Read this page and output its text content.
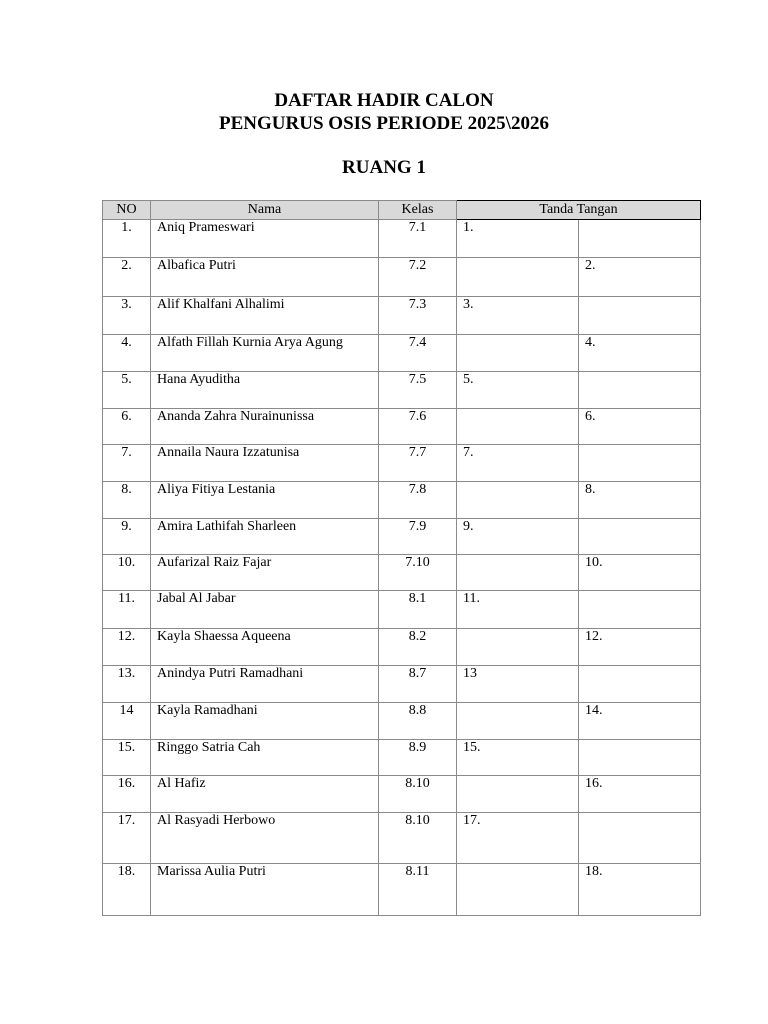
DAFTAR HADIR CALON
PENGURUS OSIS PERIODE 2025\2026
RUANG 1
NO	Nama	Kelas	Tanda Tangan	
1.	Aniq Prameswari	7.1	1.	
2.	Albafica Putri	7.2		2.
3.	Alif Khalfani Alhalimi	7.3	3.	
4.	Alfath Fillah Kurnia Arya Agung	7.4		4.
5.	Hana Ayuditha	7.5	5.	
6.	Ananda Zahra Nurainunissa	7.6		6.
7.	Annaila Naura Izzatunisa	7.7	7.	
8.	Aliya Fitiya Lestania	7.8		8.
9.	Amira Lathifah Sharleen	7.9	9.	
10.	Aufarizal Raiz Fajar	7.10		10.
11.	Jabal Al Jabar	8.1	11.	
12.	Kayla Shaessa Aqueena	8.2		12.
13.	Anindya Putri Ramadhani	8.7	13	
14	Kayla Ramadhani	8.8		14.
15.	Ringgo Satria Cah	8.9	15.	
16.	Al Hafiz	8.10		16.
17.	Al Rasyadi Herbowo	8.10	17.	
18.	Marissa Aulia Putri	8.11		18.
